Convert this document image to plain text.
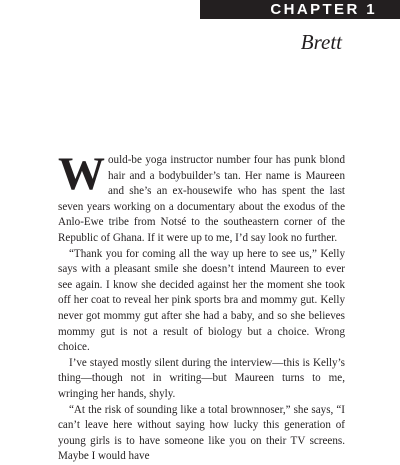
CHAPTER 1
Brett

Would-be yoga instructor number four has punk blond hair and a bodybuilder’s tan. Her name is Maureen and she’s an ex-housewife who has spent the last seven years working on a documentary about the exodus of the Anlo-Ewe tribe from Notsé to the southeastern corner of the Republic of Ghana. If it were up to me, I’d say look no further.

“Thank you for coming all the way up here to see us,” Kelly says with a pleasant smile she doesn’t intend Maureen to ever see again. I know she decided against her the moment she took off her coat to reveal her pink sports bra and mommy gut. Kelly never got mommy gut after she had a baby, and so she believes mommy gut is not a result of biology but a choice. Wrong choice.

I’ve stayed mostly silent during the interview—this is Kelly’s thing—though not in writing—but Maureen turns to me, wringing her hands, shyly.

“At the risk of sounding like a total brownnoser,” she says, “I can’t leave here without saying how lucky this generation of young girls is to have someone like you on their TV screens. Maybe I would have
